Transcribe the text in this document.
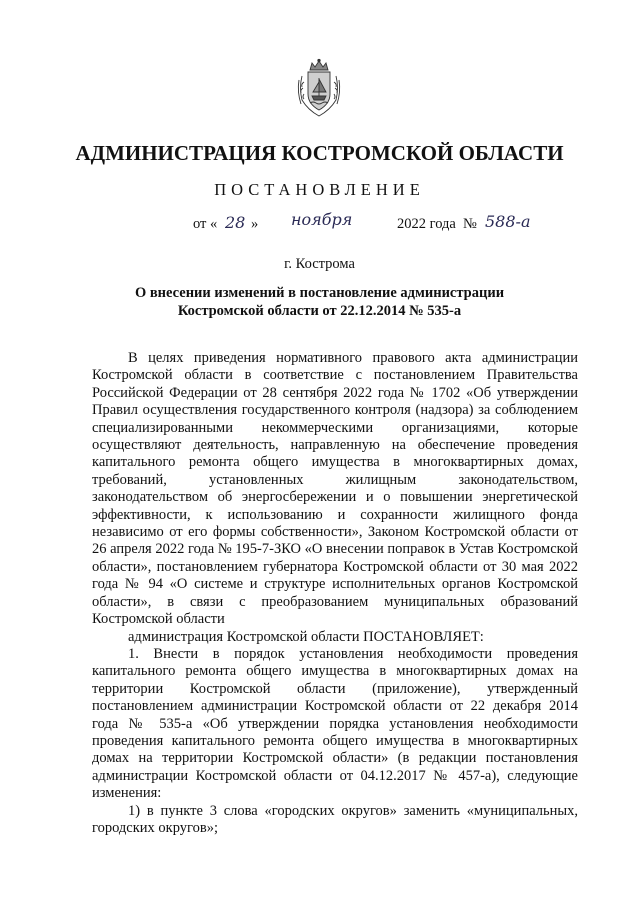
АДМИНИСТРАЦИЯ КОСТРОМСКОЙ ОБЛАСТИ
ПОСТАНОВЛЕНИЕ
от « 28 » ноября	2022 года № 588-а
г. Кострома
О внесении изменений в постановление администрации
Костромской области от 22.12.2014 № 535-а

В целях приведения нормативного правового акта администрации Костромской области в соответствие с постановлением Правительства Российской Федерации от 28 сентября 2022 года № 1702 «Об утверждении Правил осуществления государственного контроля (надзора) за соблюдением специализированными некоммерческими организациями, которые осуществляют деятельность, направленную на обеспечение проведения капитального ремонта общего имущества в многоквартирных домах, требований, установленных жилищным законодательством, законодательством об энергосбережении и о повышении энергетической эффективности, к использованию и сохранности жилищного фонда независимо от его формы собственности», Законом Костромской области от 26 апреля 2022 года № 195-7-ЗКО «О внесении поправок в Устав Костромской области», постановлением губернатора Костромской области от 30 мая 2022 года № 94 «О системе и структуре исполнительных органов Костромской области», в связи с преобразованием муниципальных образований Костромской области

администрация Костромской области ПОСТАНОВЛЯЕТ:

1. Внести в порядок установления необходимости проведения капитального ремонта общего имущества в многоквартирных домах на территории Костромской области (приложение), утвержденный постановлением администрации Костромской области от 22 декабря 2014 года № 535-а «Об утверждении порядка установления необходимости проведения капитального ремонта общего имущества в многоквартирных домах на территории Костромской области» (в редакции постановления администрации Костромской области от 04.12.2017 № 457-а), следующие изменения:

1) в пункте 3 слова «городских округов» заменить «муниципальных, городских округов»;
